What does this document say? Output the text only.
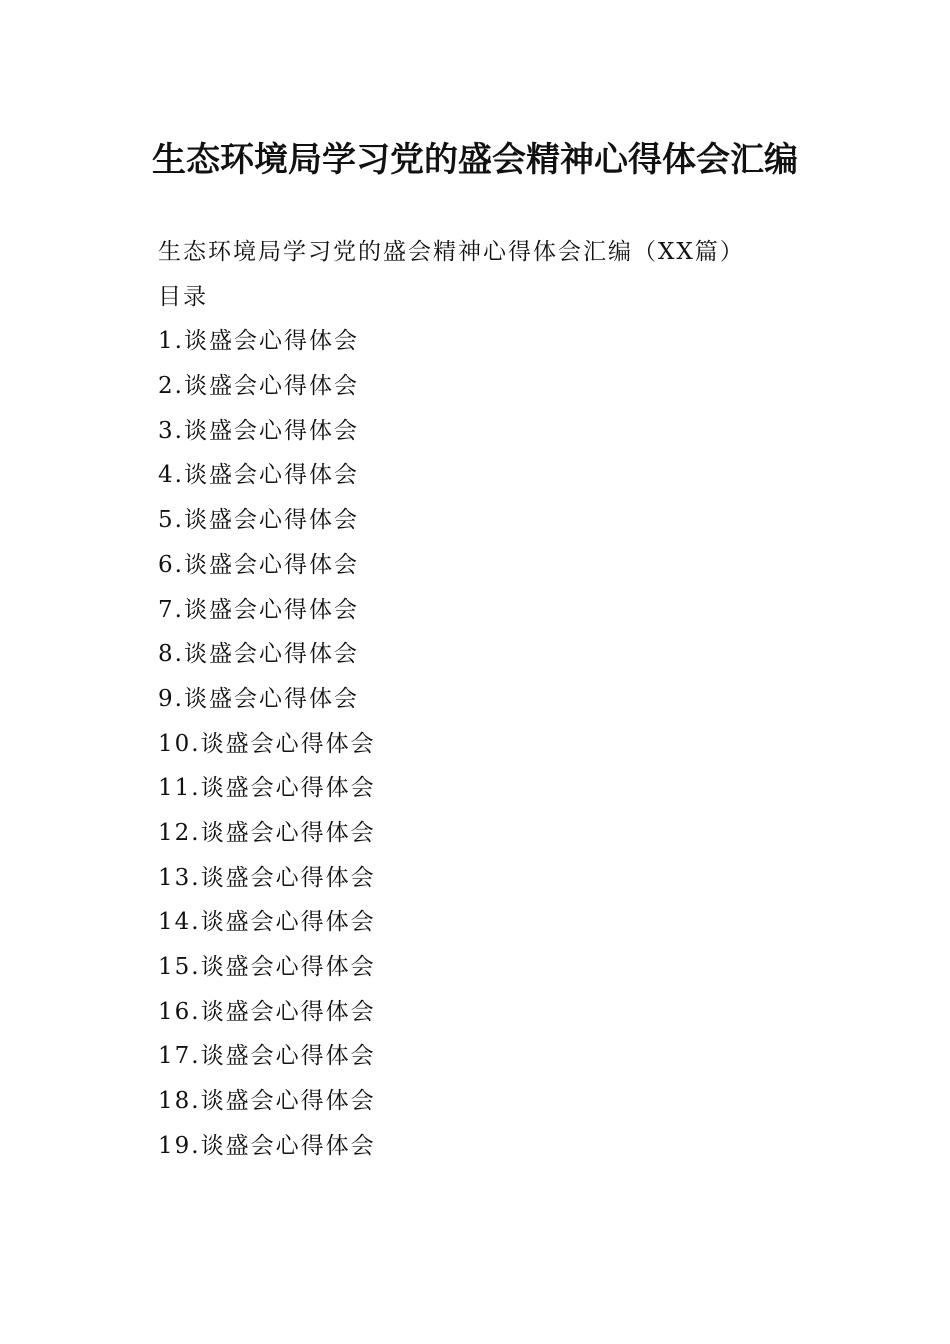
生态环境局学习党的盛会精神心得体会汇编
生态环境局学习党的盛会精神心得体会汇编（XX篇）
目录
1.谈盛会心得体会
2.谈盛会心得体会
3.谈盛会心得体会
4.谈盛会心得体会
5.谈盛会心得体会
6.谈盛会心得体会
7.谈盛会心得体会
8.谈盛会心得体会
9.谈盛会心得体会
10.谈盛会心得体会
11.谈盛会心得体会
12.谈盛会心得体会
13.谈盛会心得体会
14.谈盛会心得体会
15.谈盛会心得体会
16.谈盛会心得体会
17.谈盛会心得体会
18.谈盛会心得体会
19.谈盛会心得体会
